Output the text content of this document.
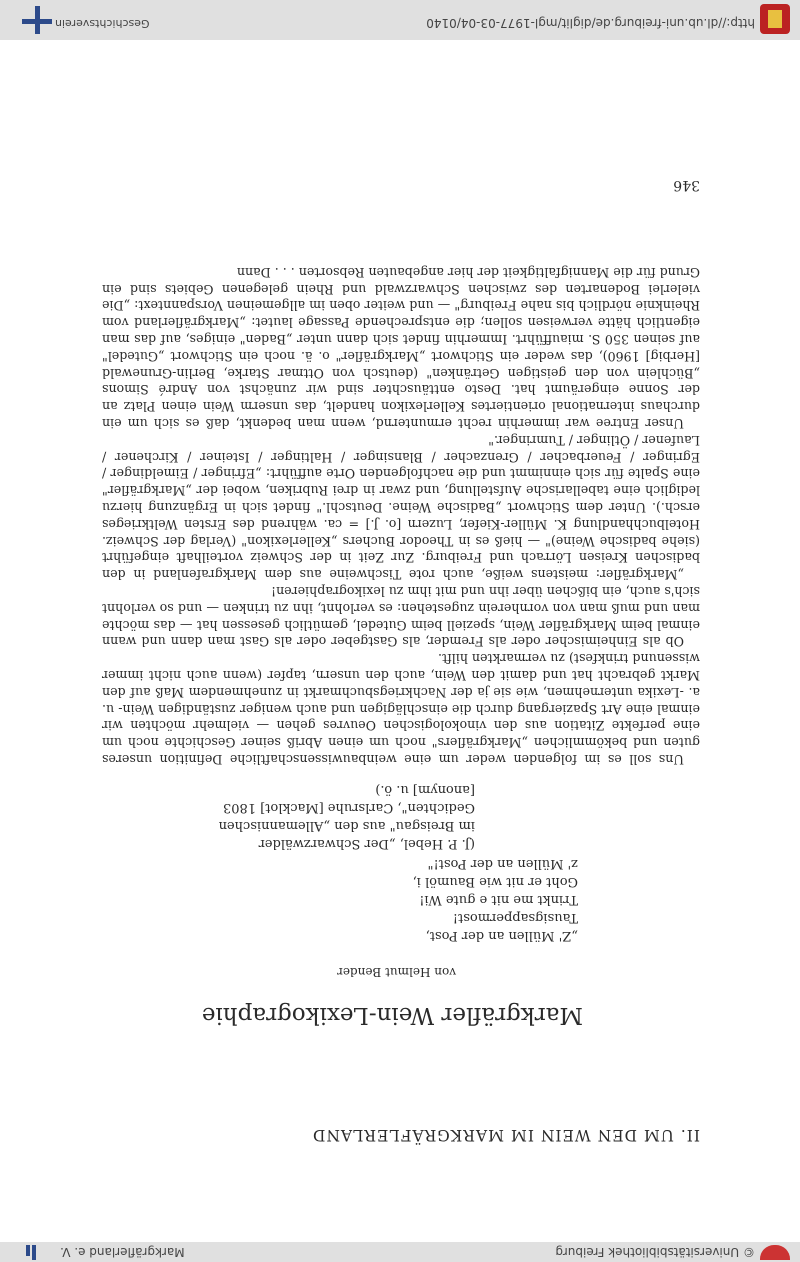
© Universitätsbibliothek Freiburg
Markgräflerland e. V.
II. UM DEN WEIN IM MARKGRÄFLERLAND
Markgräfler Wein-Lexikographie
von Helmut Bender
„Z' Müllen an der Post,
Tausigsappermost!
Trinkt me nit e gute Wi!
Goht er nit wie Baumöl i,
z' Müllen an der Post!"
(J. P. Hebel, „Der Schwarzwälder
im Breisgau" aus den „Allemannischen
Gedichten", Carlsruhe [Macklot] 1803
[anonym] u. ö.)

Uns soll es im folgenden weder um eine weinbauwissenschaftliche Definition unseres guten und bekömmlichen „Markgräflers" noch um einen Abriß seiner Geschichte noch um eine perfekte Zitation aus den vinokologischen Oeuvres gehen — vielmehr möchten wir einmal eine Art Spaziergang durch die einschlägigen und auch weniger zuständigen Wein- u. a. -Lexika unternehmen, wie sie ja der Nachkriegsbuchmarkt in zunehmendem Maß auf den Markt gebracht hat und damit den Wein, auch den unsern, tapfer (wenn auch nicht immer wissenund trinkfest) zu vermarkten hilft.

Ob als Einheimischer oder als Fremder, als Gastgeber oder als Gast man dann und wann einmal beim Markgräfler Wein, speziell beim Gutedel, gemütlich gesessen hat — das möchte man und muß man von vornherein zugestehen: es verlohnt, ihn zu trinken — und so verlohnt sich's auch, ein bißchen über ihn und mit ihm zu lexikographieren!

„Markgräfler: meistens weiße, auch rote Tischweine aus dem Markgrafenland in den badischen Kreisen Lörrach und Freiburg. Zur Zeit in der Schweiz vorteilhaft eingeführt (siehe badische Weine)" — hieß es in Theodor Buchers „Kellerlexikon" (Verlag der Schweiz. Hotelbuchhandlung K. Müller-Kiefer, Luzern [o. J.] = ca. während des Ersten Weltkrieges ersch.). Unter dem Stichwort „Badische Weine. Deutschl." findet sich in Ergänzung hierzu lediglich eine tabellarische Aufstellung, und zwar in drei Rubriken, wobei der „Markgräfler" eine Spalte für sich einnimmt und die nachfolgenden Orte aufführt: „Efringer / Eimeldinger / Egringer / Feuerbacher / Grenzacher / Blansinger / Haltinger / Isteiner / Kirchener / Laufener / Ötlinger / Tumringer."

Unser Entree war immerhin recht ermunternd, wenn man bedenkt, daß es sich um ein durchaus international orientiertes Kellerlexikon handelt, das unserm Wein einen Platz an der Sonne eingeräumt hat. Desto enttäuschter sind wir zunächst von André Simons „Büchlein von den geistigen Getränken" (deutsch von Ottmar Starke, Berlin-Grunewald [Herbig] 1960), das weder ein Stichwort „Markgräfler" o. ä. noch ein Stichwort „Gutedel" auf seinen 350 S. miaufführt. Immerhin findet sich dann unter „Baden" einiges, auf das man eigentlich hätte verweisen sollen; die entsprechende Passage lautet: „Markgräflerland vom Rheinknie nördlich bis nahe Freiburg" — und weiter oben im allgemeinen Vorspanntext: „Die vielerlei Bodenarten des zwischen Schwarzwald und Rhein gelegenen Gebiets sind ein Grund für die Mannigfaltigkeit der hier angebauten Rebsorten . . . Dann

346
http://dl.ub.uni-freiburg.de/diglit/mgl-1977-03-04/0140
Geschichtsverein
